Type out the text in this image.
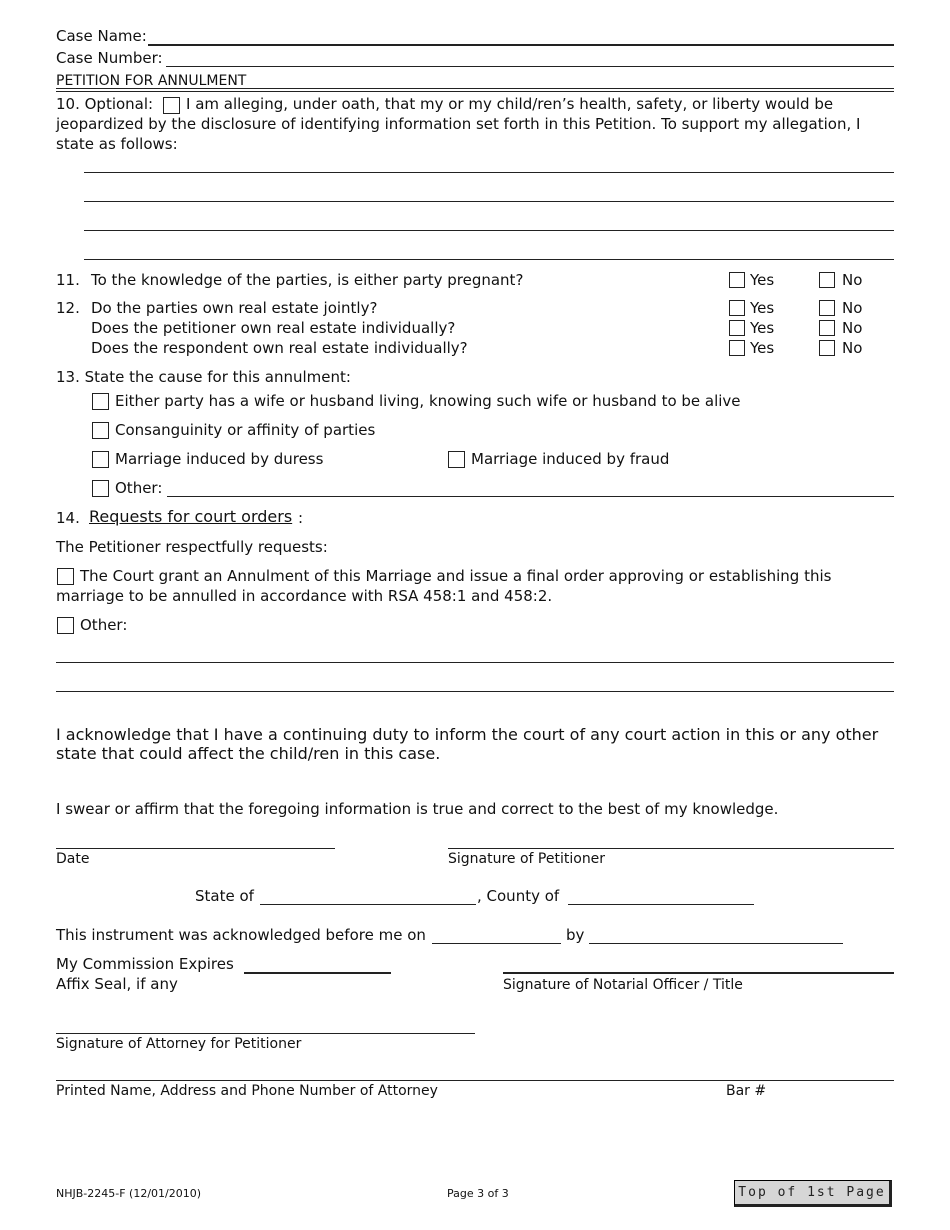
Case Name:
Case Number:
PETITION FOR ANNULMENT
10. Optional: I am alleging, under oath, that my or my child/ren’s health, safety, or liberty would be
jeopardized by the disclosure of identifying information set forth in this Petition. To support my allegation, I
state as follows:
11. To the knowledge of the parties, is either party pregnant?	Yes	No
12. Do the parties own real estate jointly?	Yes	No
Does the petitioner own real estate individually?	Yes	No
Does the respondent own real estate individually?	Yes	No
13. State the cause for this annulment:
Either party has a wife or husband living, knowing such wife or husband to be alive
Consanguinity or affinity of parties
Marriage induced by duress	Marriage induced by fraud
Other:
14. Requests for court orders :
The Petitioner respectfully requests:
The Court grant an Annulment of this Marriage and issue a final order approving or establishing this
marriage to be annulled in accordance with RSA 458:1 and 458:2.
Other:
I acknowledge that I have a continuing duty to inform the court of any court action in this or any other
state that could affect the child/ren in this case.
I swear or affirm that the foregoing information is true and correct to the best of my knowledge.
Date	Signature of Petitioner
State of	, County of
This instrument was acknowledged before me on	by
My Commission Expires
Affix Seal, if any	Signature of Notarial Officer / Title
Signature of Attorney for Petitioner
Printed Name, Address and Phone Number of Attorney	Bar #
NHJB-2245-F (12/01/2010)	Page 3 of 3	Top of 1st Page
